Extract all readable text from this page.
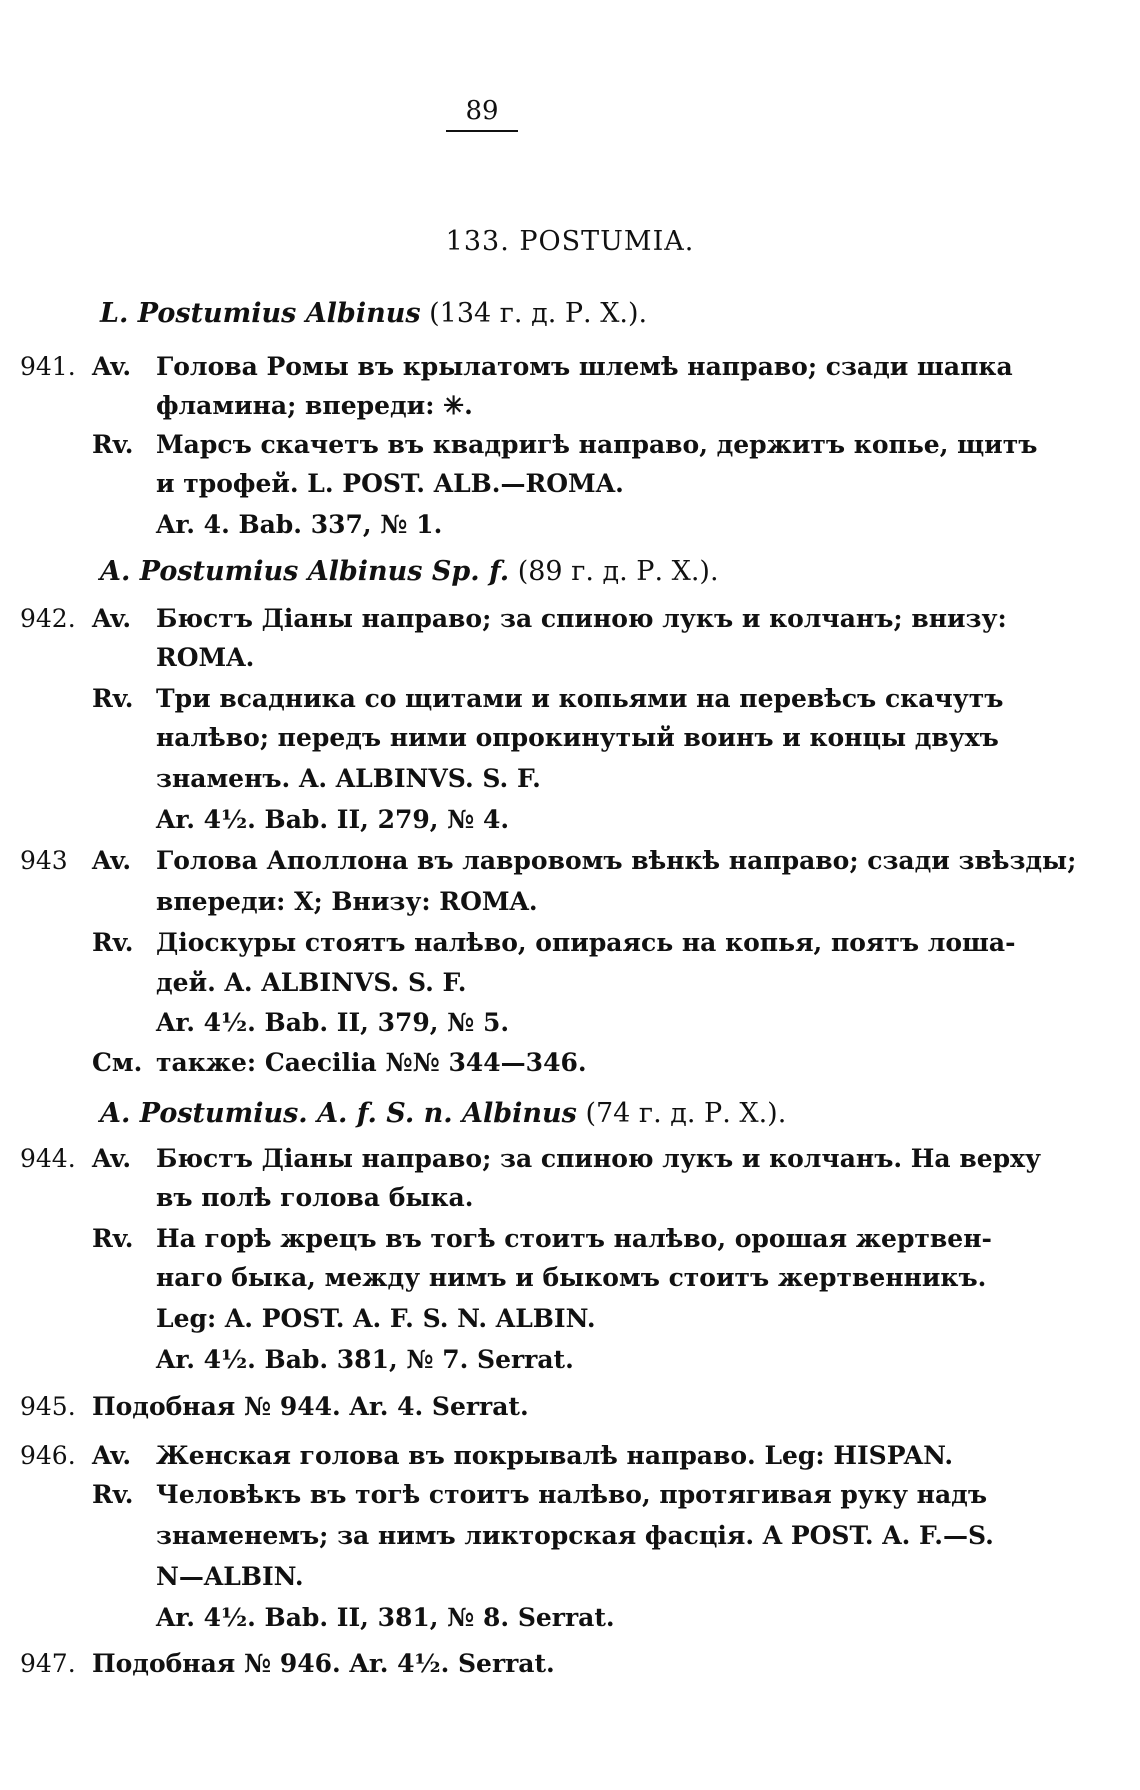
89
133. POSTUMIA.
L. Postumius Albinus (134 г. д. Р. Х.).
A. Postumius Albinus Sp. f. (89 г. д. Р. Х.).
A. Postumius. A. f. S. n. Albinus (74 г. д. Р. Х.).
941. Av. Голова Ромы въ крылатомъ шлемѣ направо; сзади шапка
фламина; впереди: ✳.
Rv. Марсъ скачетъ въ квадригѣ направо, держитъ копье, щитъ
и трофей. L. POST. ALB.—ROMA.
Ar. 4. Bab. 337, № 1.
942. Av. Бюстъ Діаны направо; за спиною лукъ и колчанъ; внизу:
ROMA.
Rv. Три всадника со щитами и копьями на перевѣсъ скачутъ
налѣво; передъ ними опрокинутый воинъ и концы двухъ
знаменъ. A. ALBINVS. S. F.
Ar. 4½. Bab. II, 279, № 4.
943 Av. Голова Аполлона въ лавровомъ вѣнкѣ направо; сзади звѣзды;
впереди: X; Внизу: ROMA.
Rv. Діоскуры стоятъ налѣво, опираясь на копья, поятъ лоша-
дей. A. ALBINVS. S. F.
Ar. 4½. Bab. II, 379, № 5.
См. также: Caecilia №№ 344—346.
944. Av. Бюстъ Діаны направо; за спиною лукъ и колчанъ. На верху
въ полѣ голова быка.
Rv. На горѣ жрецъ въ тогѣ стоитъ налѣво, орошая жертвен-
наго быка, между нимъ и быкомъ стоитъ жертвенникъ.
Leg: A. POST. A. F. S. N. ALBIN.
Ar. 4½. Bab. 381, № 7. Serrat.
945. Подобная № 944. Ar. 4. Serrat.
946. Av. Женская голова въ покрывалѣ направо. Leg: HISPAN.
Rv. Человѣкъ въ тогѣ стоитъ налѣво, протягивая руку надъ
знаменемъ; за нимъ ликторская фасція. A POST. A. F.—S.
N—ALBIN.
Ar. 4½. Bab. II, 381, № 8. Serrat.
947. Подобная № 946. Ar. 4½. Serrat.
